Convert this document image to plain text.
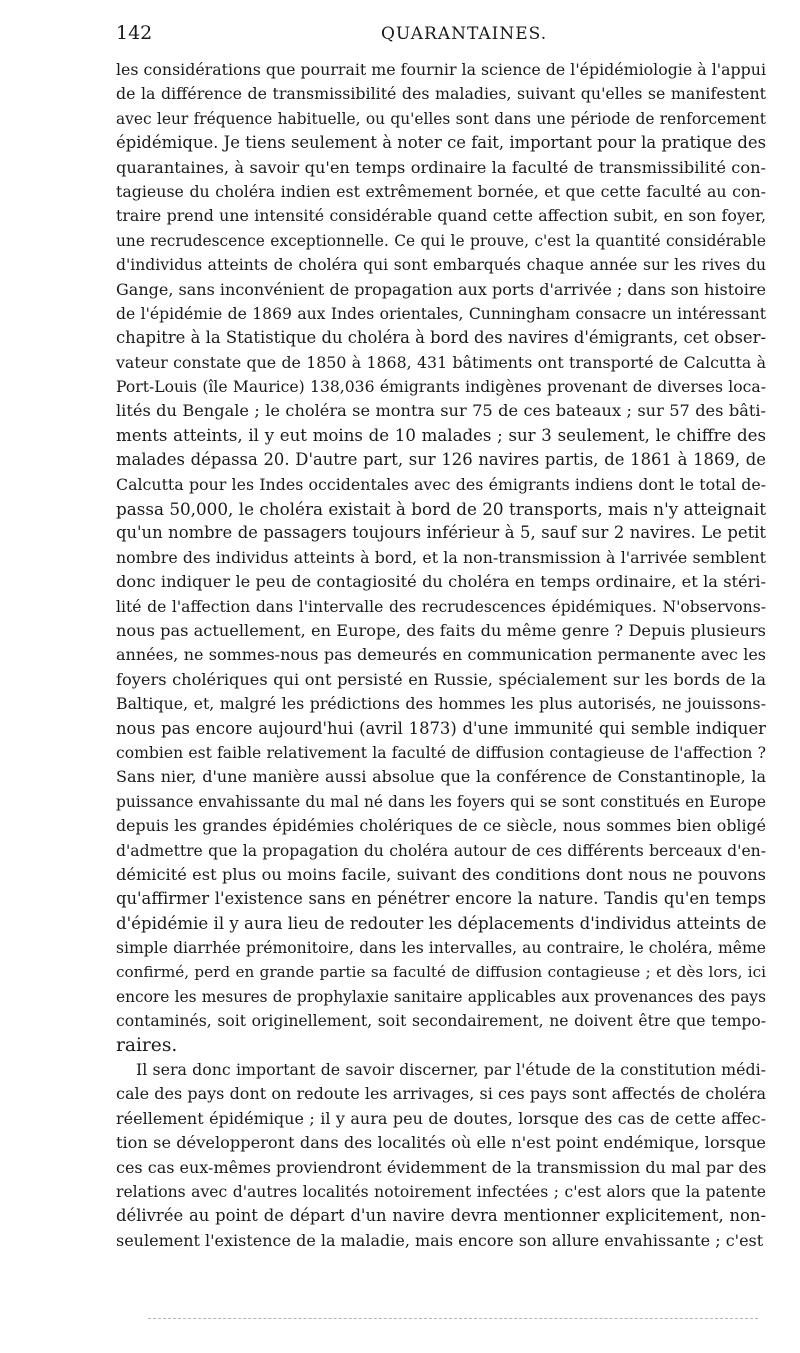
142	QUARANTAINES.
les considérations que pourrait me fournir la science de l'épidémiologie à l'appui
de la différence de transmissibilité des maladies, suivant qu'elles se manifestent
avec leur fréquence habituelle, ou qu'elles sont dans une période de renforcement
épidémique. Je tiens seulement à noter ce fait, important pour la pratique des
quarantaines, à savoir qu'en temps ordinaire la faculté de transmissibilité con-
tagieuse du choléra indien est extrêmement bornée, et que cette faculté au con-
traire prend une intensité considérable quand cette affection subit, en son foyer,
une recrudescence exceptionnelle. Ce qui le prouve, c'est la quantité considérable
d'individus atteints de choléra qui sont embarqués chaque année sur les rives du
Gange, sans inconvénient de propagation aux ports d'arrivée ; dans son histoire
de l'épidémie de 1869 aux Indes orientales, Cunningham consacre un intéressant
chapitre à la Statistique du choléra à bord des navires d'émigrants, cet obser-
vateur constate que de 1850 à 1868, 431 bâtiments ont transporté de Calcutta à
Port-Louis (île Maurice) 138,036 émigrants indigènes provenant de diverses loca-
lités du Bengale ; le choléra se montra sur 75 de ces bateaux ; sur 57 des bâti-
ments atteints, il y eut moins de 10 malades ; sur 3 seulement, le chiffre des
malades dépassa 20. D'autre part, sur 126 navires partis, de 1861 à 1869, de
Calcutta pour les Indes occidentales avec des émigrants indiens dont le total de-
passa 50,000, le choléra existait à bord de 20 transports, mais n'y atteignait
qu'un nombre de passagers toujours inférieur à 5, sauf sur 2 navires. Le petit
nombre des individus atteints à bord, et la non-transmission à l'arrivée semblent
donc indiquer le peu de contagiosité du choléra en temps ordinaire, et la stéri-
lité de l'affection dans l'intervalle des recrudescences épidémiques. N'observons-
nous pas actuellement, en Europe, des faits du même genre ? Depuis plusieurs
années, ne sommes-nous pas demeurés en communication permanente avec les
foyers cholériques qui ont persisté en Russie, spécialement sur les bords de la
Baltique, et, malgré les prédictions des hommes les plus autorisés, ne jouissons-
nous pas encore aujourd'hui (avril 1873) d'une immunité qui semble indiquer
combien est faible relativement la faculté de diffusion contagieuse de l'affection ?
Sans nier, d'une manière aussi absolue que la conférence de Constantinople, la
puissance envahissante du mal né dans les foyers qui se sont constitués en Europe
depuis les grandes épidémies cholériques de ce siècle, nous sommes bien obligé
d'admettre que la propagation du choléra autour de ces différents berceaux d'en-
démicité est plus ou moins facile, suivant des conditions dont nous ne pouvons
qu'affirmer l'existence sans en pénétrer encore la nature. Tandis qu'en temps
d'épidémie il y aura lieu de redouter les déplacements d'individus atteints de
simple diarrhée prémonitoire, dans les intervalles, au contraire, le choléra, même
confirmé, perd en grande partie sa faculté de diffusion contagieuse ; et dès lors, ici
encore les mesures de prophylaxie sanitaire applicables aux provenances des pays
contaminés, soit originellement, soit secondairement, ne doivent être que tempo-
raires.
Il sera donc important de savoir discerner, par l'étude de la constitution médi-
cale des pays dont on redoute les arrivages, si ces pays sont affectés de choléra
réellement épidémique ; il y aura peu de doutes, lorsque des cas de cette affec-
tion se développeront dans des localités où elle n'est point endémique, lorsque
ces cas eux-mêmes proviendront évidemment de la transmission du mal par des
relations avec d'autres localités notoirement infectées ; c'est alors que la patente
délivrée au point de départ d'un navire devra mentionner explicitement, non-
seulement l'existence de la maladie, mais encore son allure envahissante ; c'est
